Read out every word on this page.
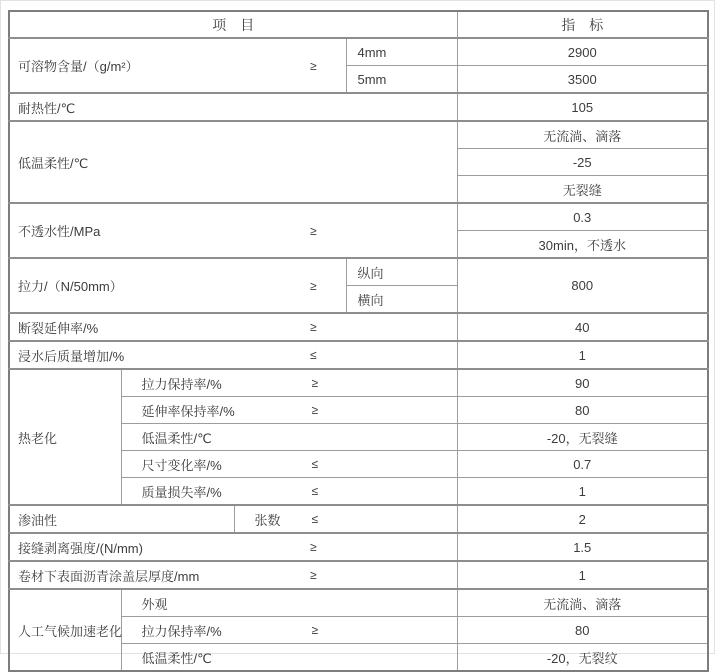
项　目				指　标
可溶物含量/（g/m²） ≥			4mm	2900
			5mm	3500
耐热性/℃				105
低温柔性/℃				无流淌、滴落
				-25
				无裂缝
不透水性/MPa ≥				0.3
				30min，不透水
拉力/（N/50mm） ≥			纵向	800
			横向	
断裂延伸率/% ≥				40
浸水后质量增加/% ≤				1
热老化	拉力保持率/% ≥			90
	延伸率保持率/% ≥			80
	低温柔性/℃			-20，无裂缝
	尺寸变化率/% ≤			0.7
	质量损失率/% ≤			1
渗油性		张数 ≤		2
接缝剥离强度/(N/mm) ≥				1.5
卷材下表面沥青涂盖层厚度/mm ≥				1
人工气候加速老化	外观			无流淌、滴落
	拉力保持率/% ≥			80
	低温柔性/℃			-20，无裂纹
